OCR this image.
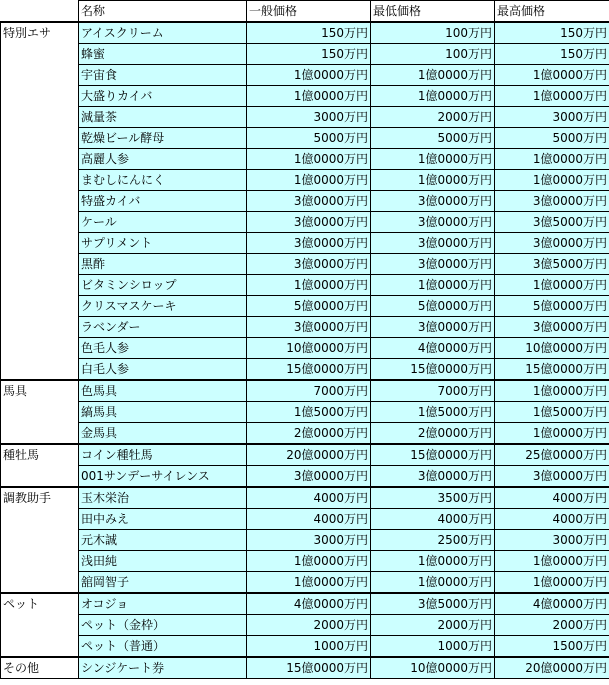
	名称	一般価格	最低価格	最高価格
特別エサ	アイスクリーム	150万円	100万円	150万円
	蜂蜜	150万円	100万円	150万円
	宇宙食	1億0000万円	1億0000万円	1億0000万円
	大盛りカイバ	1億0000万円	1億0000万円	1億0000万円
	減量茶	3000万円	2000万円	3000万円
	乾燥ビール酵母	5000万円	5000万円	5000万円
	高麗人参	1億0000万円	1億0000万円	1億0000万円
	まむしにんにく	1億0000万円	1億0000万円	1億0000万円
	特盛カイバ	3億0000万円	3億0000万円	3億0000万円
	ケール	3億0000万円	3億0000万円	3億5000万円
	サプリメント	3億0000万円	3億0000万円	3億0000万円
	黒酢	3億0000万円	3億0000万円	3億5000万円
	ビタミンシロップ	1億0000万円	1億0000万円	1億0000万円
	クリスマスケーキ	5億0000万円	5億0000万円	5億0000万円
	ラベンダー	3億0000万円	3億0000万円	3億0000万円
	色毛人参	10億0000万円	4億0000万円	10億0000万円
	白毛人参	15億0000万円	15億0000万円	15億0000万円
馬具	色馬具	7000万円	7000万円	1億0000万円
	縞馬具	1億5000万円	1億5000万円	1億5000万円
	金馬具	2億0000万円	2億0000万円	1億0000万円
種牡馬	コイン種牡馬	20億0000万円	15億0000万円	25億0000万円
	001サンデーサイレンス	3億0000万円	3億0000万円	3億0000万円
調教助手	玉木栄治	4000万円	3500万円	4000万円
	田中みえ	4000万円	4000万円	4000万円
	元木誠	3000万円	2500万円	3000万円
	浅田純	1億0000万円	1億0000万円	1億0000万円
	舘岡智子	1億0000万円	1億0000万円	1億0000万円
ペット	オコジョ	4億0000万円	3億5000万円	4億0000万円
	ペット（金枠）	2000万円	2000万円	2000万円
	ペット（普通）	1000万円	1000万円	1500万円
その他	シンジケート券	15億0000万円	10億0000万円	20億0000万円
